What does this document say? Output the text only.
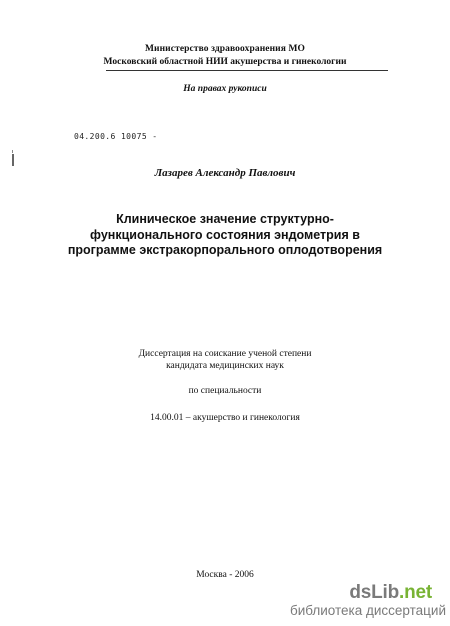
Министерство здравоохранения МО
Московский областной НИИ акушерства и гинекологии
На правах рукописи
04.200.6 10075 -
Лазарев Александр Павлович
Клиническое значение структурно-
функционального состояния эндометрия в
программе экстракорпорального оплодотворения
Диссертация на соискание ученой степени
кандидата медицинских наук
по специальности
14.00.01 – акушерство и гинекология
Москва - 2006
dsLib.net
библиотека диссертаций
